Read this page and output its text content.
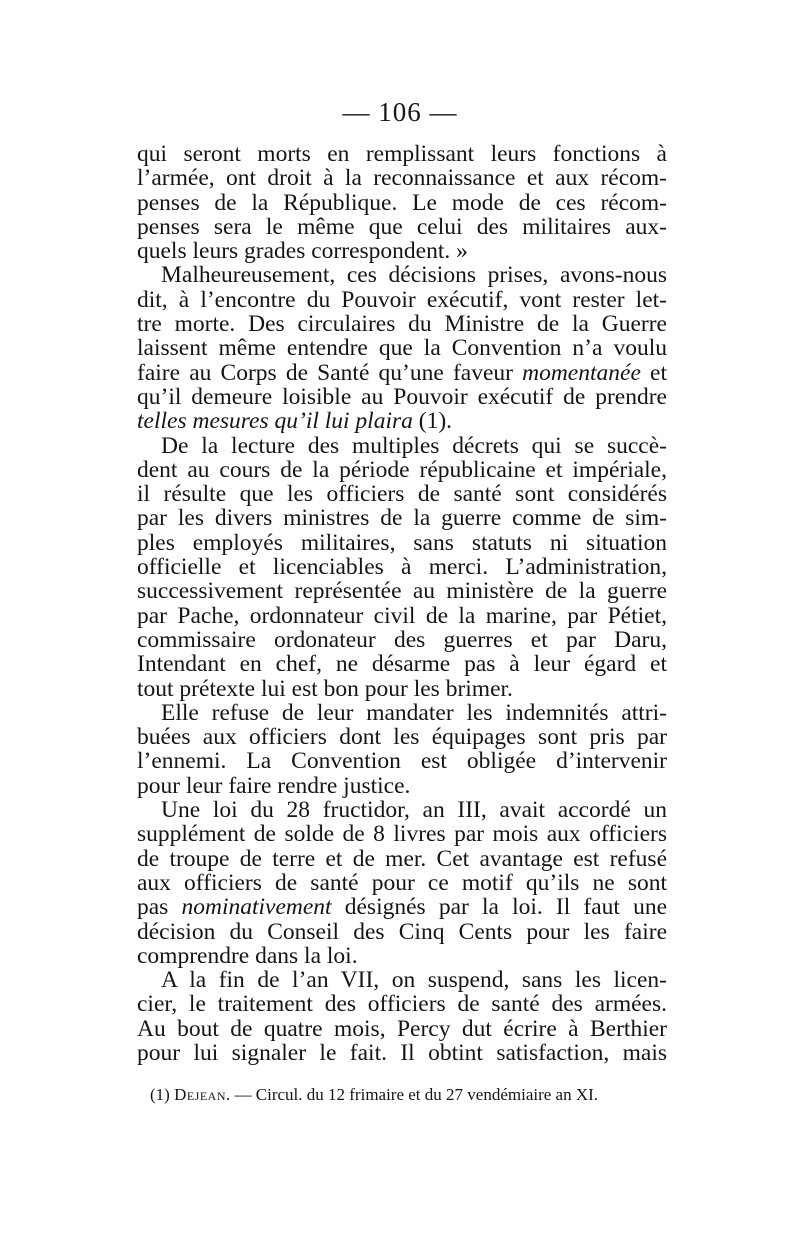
— 106 —
qui seront morts en remplissant leurs fonctions à
l’armée, ont droit à la reconnaissance et aux récom-
penses de la République. Le mode de ces récom-
penses sera le même que celui des militaires aux-
quels leurs grades correspondent. »
Malheureusement, ces décisions prises, avons-nous
dit, à l’encontre du Pouvoir exécutif, vont rester let-
tre morte. Des circulaires du Ministre de la Guerre
laissent même entendre que la Convention n’a voulu
faire au Corps de Santé qu’une faveur momentanée et
qu’il demeure loisible au Pouvoir exécutif de prendre
telles mesures qu’il lui plaira (1).
De la lecture des multiples décrets qui se succè-
dent au cours de la période républicaine et impériale,
il résulte que les officiers de santé sont considérés
par les divers ministres de la guerre comme de sim-
ples employés militaires, sans statuts ni situation
officielle et licenciables à merci. L’administration,
successivement représentée au ministère de la guerre
par Pache, ordonnateur civil de la marine, par Pétiet,
commissaire ordonateur des guerres et par Daru,
Intendant en chef, ne désarme pas à leur égard et
tout prétexte lui est bon pour les brimer.
Elle refuse de leur mandater les indemnités attri-
buées aux officiers dont les équipages sont pris par
l’ennemi. La Convention est obligée d’intervenir
pour leur faire rendre justice.
Une loi du 28 fructidor, an III, avait accordé un
supplément de solde de 8 livres par mois aux officiers
de troupe de terre et de mer. Cet avantage est refusé
aux officiers de santé pour ce motif qu’ils ne sont
pas nominativement désignés par la loi. Il faut une
décision du Conseil des Cinq Cents pour les faire
comprendre dans la loi.
A la fin de l’an VII, on suspend, sans les licen-
cier, le traitement des officiers de santé des armées.
Au bout de quatre mois, Percy dut écrire à Berthier
pour lui signaler le fait. Il obtint satisfaction, mais
(1) Dejean. — Circul. du 12 frimaire et du 27 vendémiaire an XI.
